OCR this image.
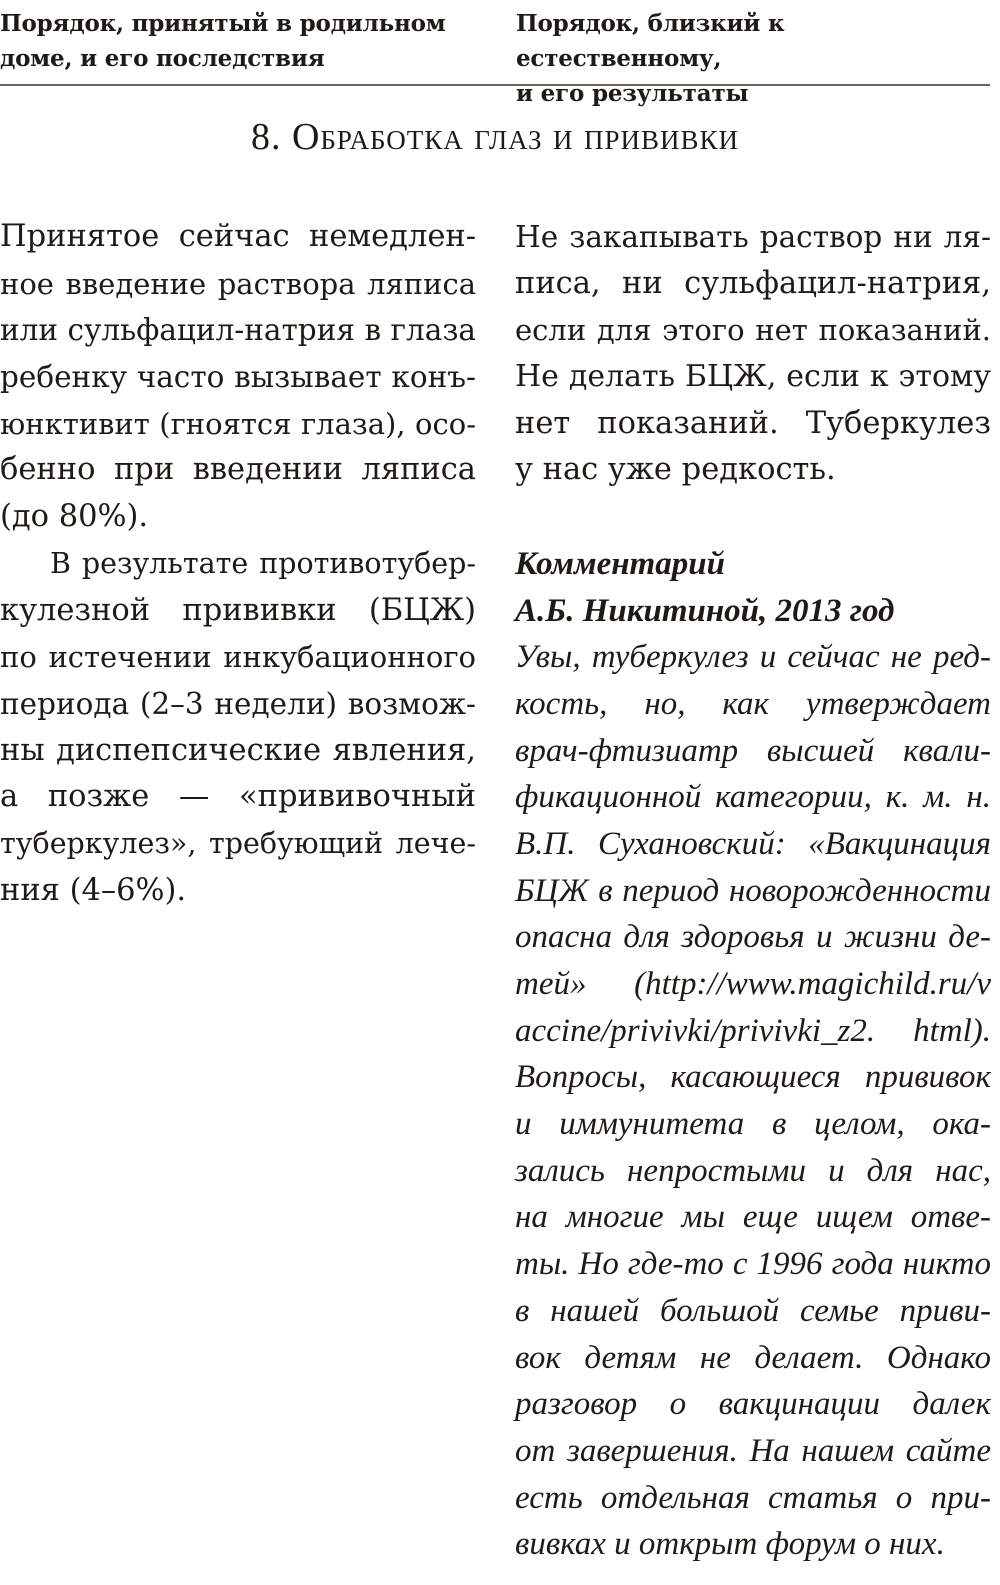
Порядок, принятый в родильном
доме, и его последствия
Порядок, близкий к естественному,
и его результаты
8. Обработка глаз и прививки
Принятое сейчас немедлен-
ное введение раствора ляписа
или сульфацил-натрия в глаза
ребенку часто вызывает конъ-
юнктивит (гноятся глаза), осо-
бенно при введении ляписа
(до 80%).
В результате противотубер-
кулезной прививки (БЦЖ)
по истечении инкубационного
периода (2–3 недели) возмож-
ны диспепсические явления,
а позже — «прививочный
туберкулез», требующий лече-
ния (4–6%).
Не закапывать раствор ни ля-
писа, ни сульфацил-натрия,
если для этого нет показаний.
Не делать БЦЖ, если к этому
нет показаний. Туберкулез
у нас уже редкость.
Комментарий
А.Б. Никитиной, 2013 год
Увы, туберкулез и сейчас не ред-
кость, но, как утверждает
врач-фтизиатр высшей квали-
фикационной категории, к. м. н.
В.П. Сухановский: «Вакцинация
БЦЖ в период новорожденности
опасна для здоровья и жизни де-
тей» (http://www.magichild.ru/v
accine/privivki/privivki_z2. html).
Вопросы, касающиеся прививок
и иммунитета в целом, ока-
зались непростыми и для нас,
на многие мы еще ищем отве-
ты. Но где-то с 1996 года никто
в нашей большой семье приви-
вок детям не делает. Однако
разговор о вакцинации далек
от завершения. На нашем сайте
есть отдельная статья о при-
вивках и открыт форум о них.
